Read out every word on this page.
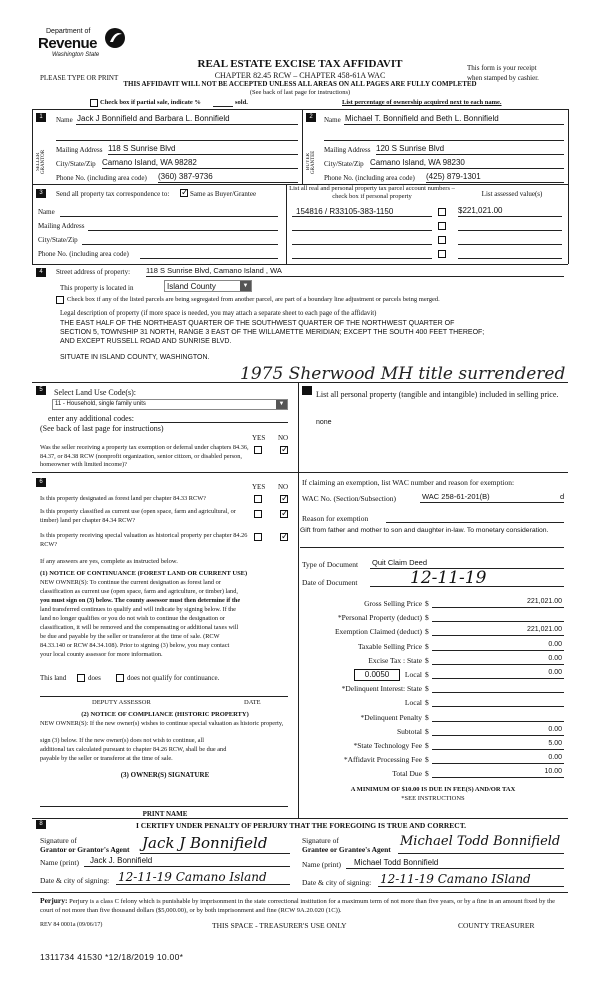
Department of
Revenue
Washington State
REAL ESTATE EXCISE TAX AFFIDAVIT
CHAPTER 82.45 RCW – CHAPTER 458-61A WAC
THIS AFFIDAVIT WILL NOT BE ACCEPTED UNLESS ALL AREAS ON ALL PAGES ARE FULLY COMPLETED
(See back of last page for instructions)
PLEASE TYPE OR PRINT
This form is your receipt
when stamped by cashier.
Check box if partial sale, indicate %	sold.	List percentage of ownership acquired next to each name.
1
SELLER GRANTOR
Name Jack J Bonnifield and Barbara L. Bonnifield
Mailing Address 118 S Sunrise Blvd
City/State/Zip Camano Island, WA 98282
Phone No. (including area code) (360) 387-9736
2
BUYER GRANTEE
Name Michael T. Bonnifield and Beth L. Bonnifield
Mailing Address 120 S Sunrise Blvd
City/State/Zip Camano Island, WA 98230
Phone No. (including area code) (425) 879-1301
3	Send all property tax correspondence to: ✓ Same as Buyer/Grantee
List all real and personal property tax parcel account numbers – check box if personal property	List assessed value(s)
Name
Mailing Address
City/State/Zip
Phone No. (including area code)
154816 / R33105-383-1150	$221,021.00
4	Street address of property: 118 S Sunrise Blvd, Camano Island , WA
This property is located in	Island County	▼
Check box if any of the listed parcels are being segregated from another parcel, are part of a boundary line adjustment or parcels being merged.
Legal description of property (if more space is needed, you may attach a separate sheet to each page of the affidavit)
THE EAST HALF OF THE NORTHEAST QUARTER OF THE SOUTHWEST QUARTER OF THE NORTHWEST QUARTER OF
SECTION 5, TOWNSHIP 31 NORTH, RANGE 3 EAST OF THE WILLAMETTE MERIDIAN; EXCEPT THE SOUTH 400 FEET THEREOF;
AND EXCEPT RUSSELL ROAD AND SUNRISE BLVD.
SITUATE IN ISLAND COUNTY, WASHINGTON.
1975 Sherwood MH title surrendered
5	Select Land Use Code(s):
11 - Household, single family units	▼
enter any additional codes:
(See back of last page for instructions)
YES NO
Was the seller receiving a property tax exemption or deferral under chapters 84.36, 84.37, or 84.38 RCW (nonprofit organization, senior citizen, or disabled person, homeowner with limited income)?
✓
List all personal property (tangible and intangible) included in selling price.
none
6
YES NO
Is this property designated as forest land per chapter 84.33 RCW?	✓
Is this property classified as current use (open space, farm and agricultural, or timber) land per chapter 84.34 RCW?
✓
Is this property receiving special valuation as historical property per chapter 84.26 RCW?
✓
If any answers are yes, complete as instructed below.
(1) NOTICE OF CONTINUANCE (FOREST LAND OR CURRENT USE)
NEW OWNER(S): To continue the current designation as forest land or
classification as current use (open space, farm and agriculture, or timber) land,
you must sign on (3) below. The county assessor must then determine if the
land transferred continues to qualify and will indicate by signing below. If the
land no longer qualifies or you do not wish to continue the designation or
classification, it will be removed and the compensating or additional taxes will
be due and payable by the seller or transferor at the time of sale. (RCW
84.33.140 or RCW 84.34.108). Prior to signing (3) below, you may contact
your local county assessor for more information.
This land	does	does not qualify for continuance.
DEPUTY ASSESSOR	DATE
(2) NOTICE OF COMPLIANCE (HISTORIC PROPERTY)
NEW OWNER(S): If the new owner(s) wishes to continue special valuation as historic property,
sign (3) below. If the new owner(s) does not wish to continue, all
additional tax calculated pursuant to chapter 84.26 RCW, shall be due and
payable by the seller or transferor at the time of sale.
(3) OWNER(S) SIGNATURE
PRINT NAME
If claiming an exemption, list WAC number and reason for exemption:
WAC No. (Section/Subsection)	WAC 258-61-201(B)	d
Reason for exemption
Gift from father and mother to son and daughter in-law. To monetary consideration.
Type of Document Quit Claim Deed
Date of Document	12-11-19
Gross Selling Price $	221,021.00
*Personal Property (deduct) $
Exemption Claimed (deduct) $	221,021.00
Taxable Selling Price $	0.00
Excise Tax : State $	0.00
Local $	0.00
*Delinquent Interest: State $
Local $
*Delinquent Penalty $
Subtotal $	0.00
*State Technology Fee $	5.00
*Affidavit Processing Fee $	0.00
Total Due $	10.00
0.0050
A MINIMUM OF $10.00 IS DUE IN FEE(S) AND/OR TAX
*SEE INSTRUCTIONS
8	I CERTIFY UNDER PENALTY OF PERJURY THAT THE FOREGOING IS TRUE AND CORRECT.
Signature of
Grantor or Grantor's Agent Jack J Bonnifield
Name (print) Jack J. Bonnifield
Date & city of signing: 12-11-19 Camano Island
Signature of
Grantee or Grantee's Agent
Michael Todd Bonnifield
Name (print) Michael Todd Bonnifield
Date & city of signing: 12-11-19 Camano ISland
Perjury: Perjury is a class C felony which is punishable by imprisonment in the state correctional institution for a maximum term of not more than five years, or by a fine in an amount fixed by the court of not more than five thousand dollars ($5,000.00), or by both imprisonment and fine (RCW 9A.20.020 (1C)).
REV 84 0001a (09/06/17)	THIS SPACE - TREASURER'S USE ONLY	COUNTY TREASURER
1311734 41530 *12/18/2019 10.00*
